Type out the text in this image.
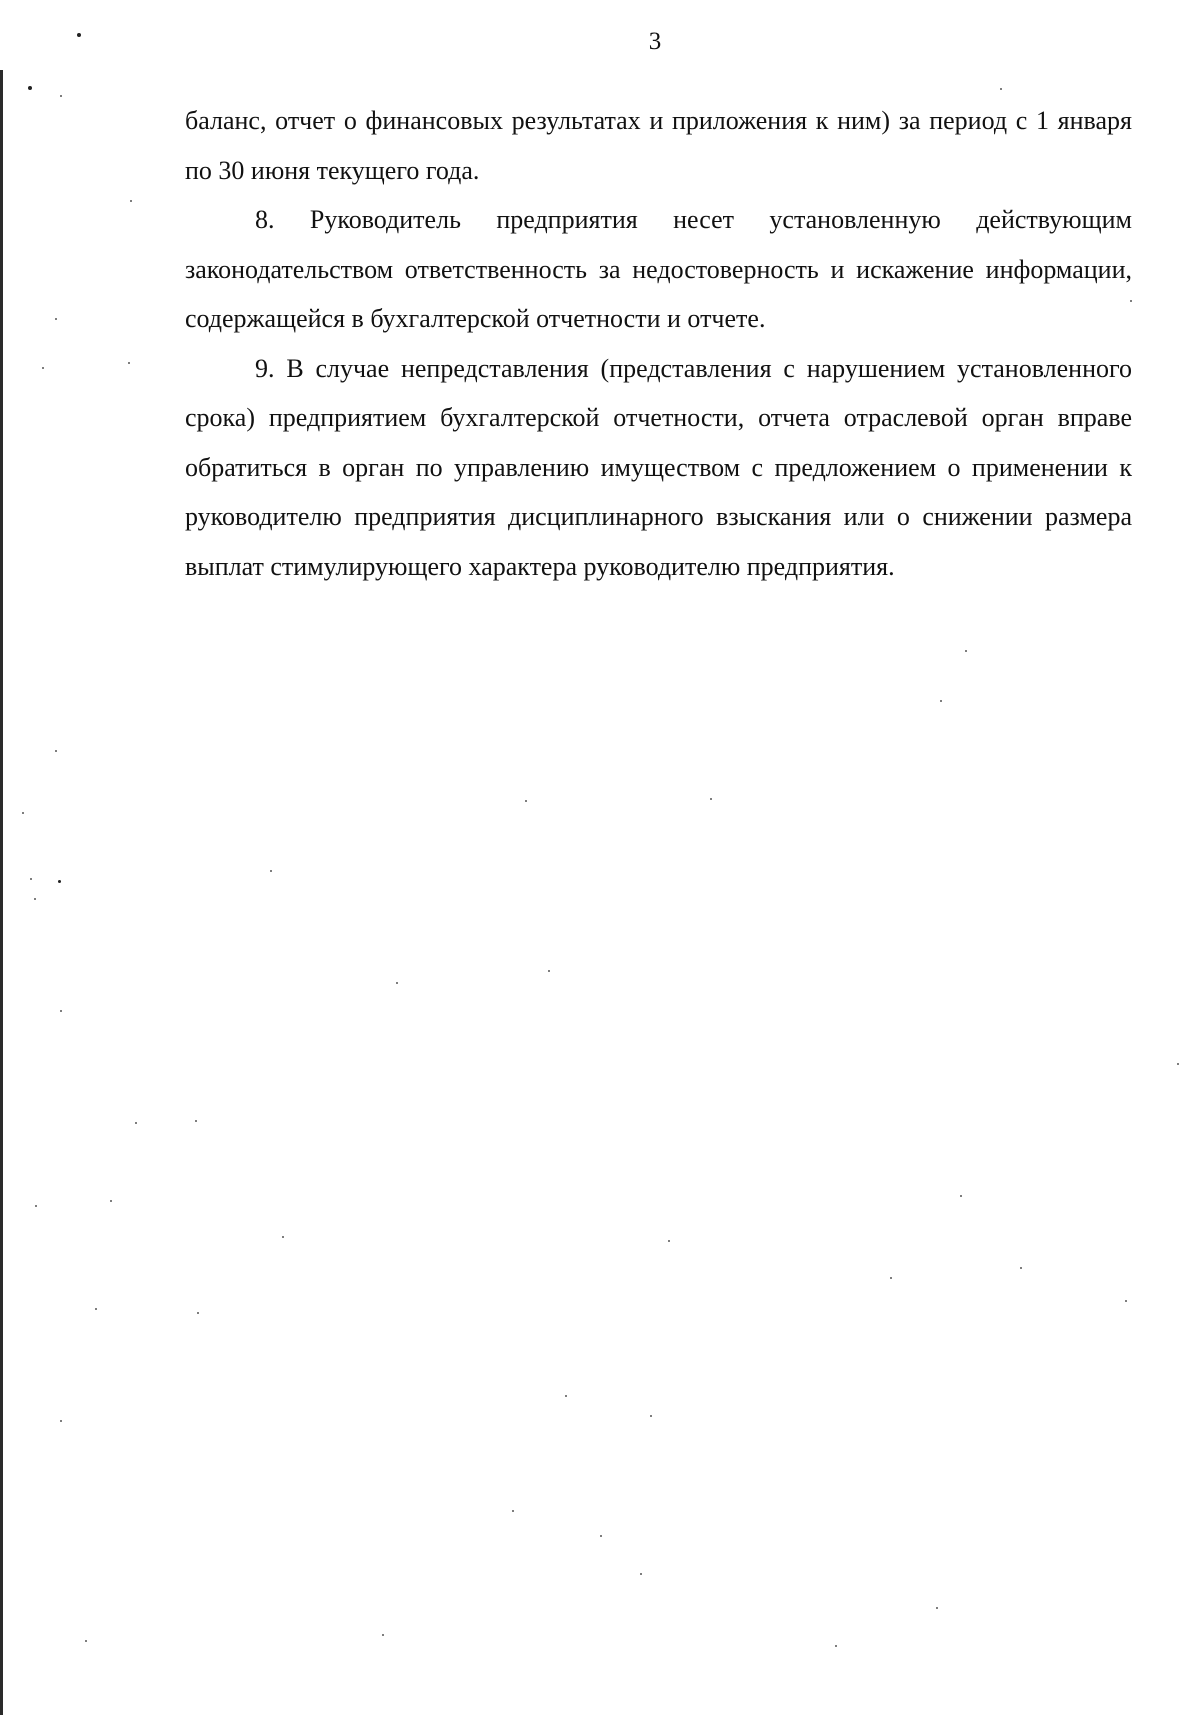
3

баланс, отчет о финансовых результатах и приложения к ним) за период с 1 января по 30 июня текущего года.

8. Руководитель предприятия несет установленную действующим законодательством ответственность за недостоверность и искажение информации, содержащейся в бухгалтерской отчетности и отчете.

9. В случае непредставления (представления с нарушением установленного срока) предприятием бухгалтерской отчетности, отчета отраслевой орган вправе обратиться в орган по управлению имуществом с предложением о применении к руководителю предприятия дисциплинарного взыскания или о снижении размера выплат стимулирующего характера руководителю предприятия.
